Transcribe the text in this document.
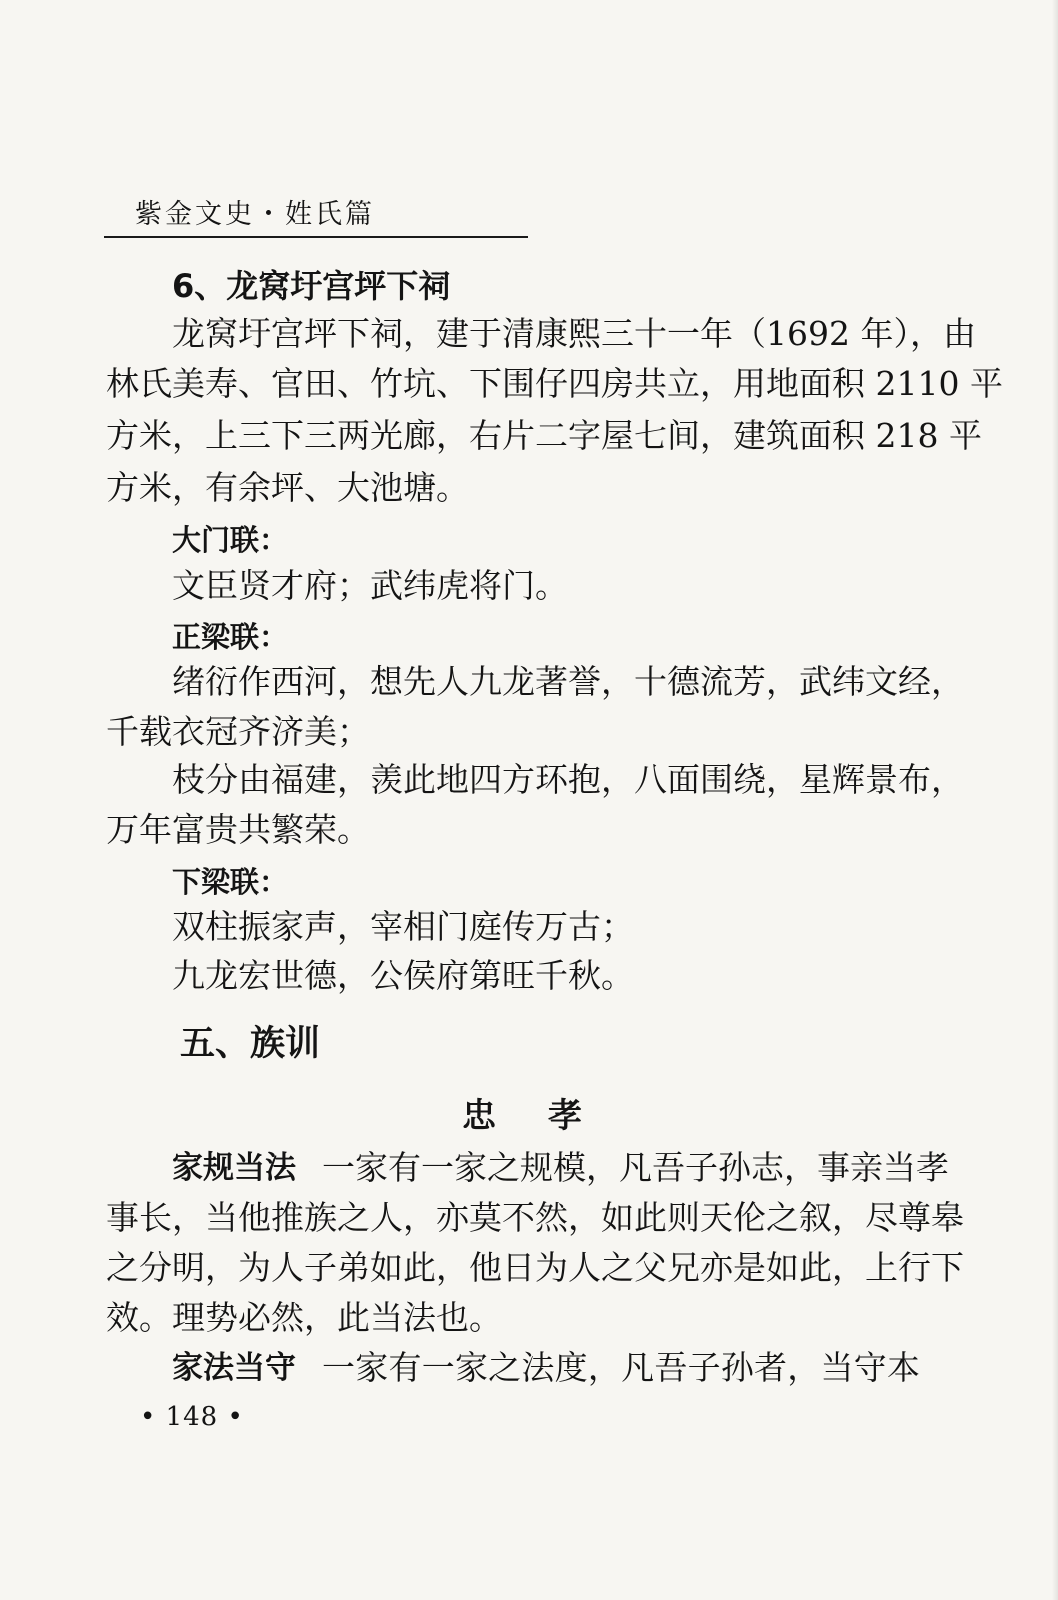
紫金文史・姓氏篇
6、龙窝圩宫坪下祠
龙窝圩宫坪下祠，建于清康熙三十一年（1692 年），由
林氏美寿、官田、竹坑、下围仔四房共立，用地面积 2110 平
方米，上三下三两光廊，右片二字屋七间，建筑面积 218 平
方米，有余坪、大池塘。
大门联：
文臣贤才府；武纬虎将门。
正梁联：
绪衍作西河，想先人九龙著誉，十德流芳，武纬文经，
千载衣冠齐济美；
枝分由福建，羡此地四方环抱，八面围绕，星辉景布，
万年富贵共繁荣。
下梁联：
双柱振家声，宰相门庭传万古；
九龙宏世德，公侯府第旺千秋。
五、族训
忠孝
家规当法 一家有一家之规模，凡吾子孙志，事亲当孝
事长，当他推族之人，亦莫不然，如此则天伦之叙，尽尊皋
之分明，为人子弟如此，他日为人之父兄亦是如此，上行下
效。理势必然，此当法也。
家法当守 一家有一家之法度，凡吾子孙者，当守本
• 148 •
